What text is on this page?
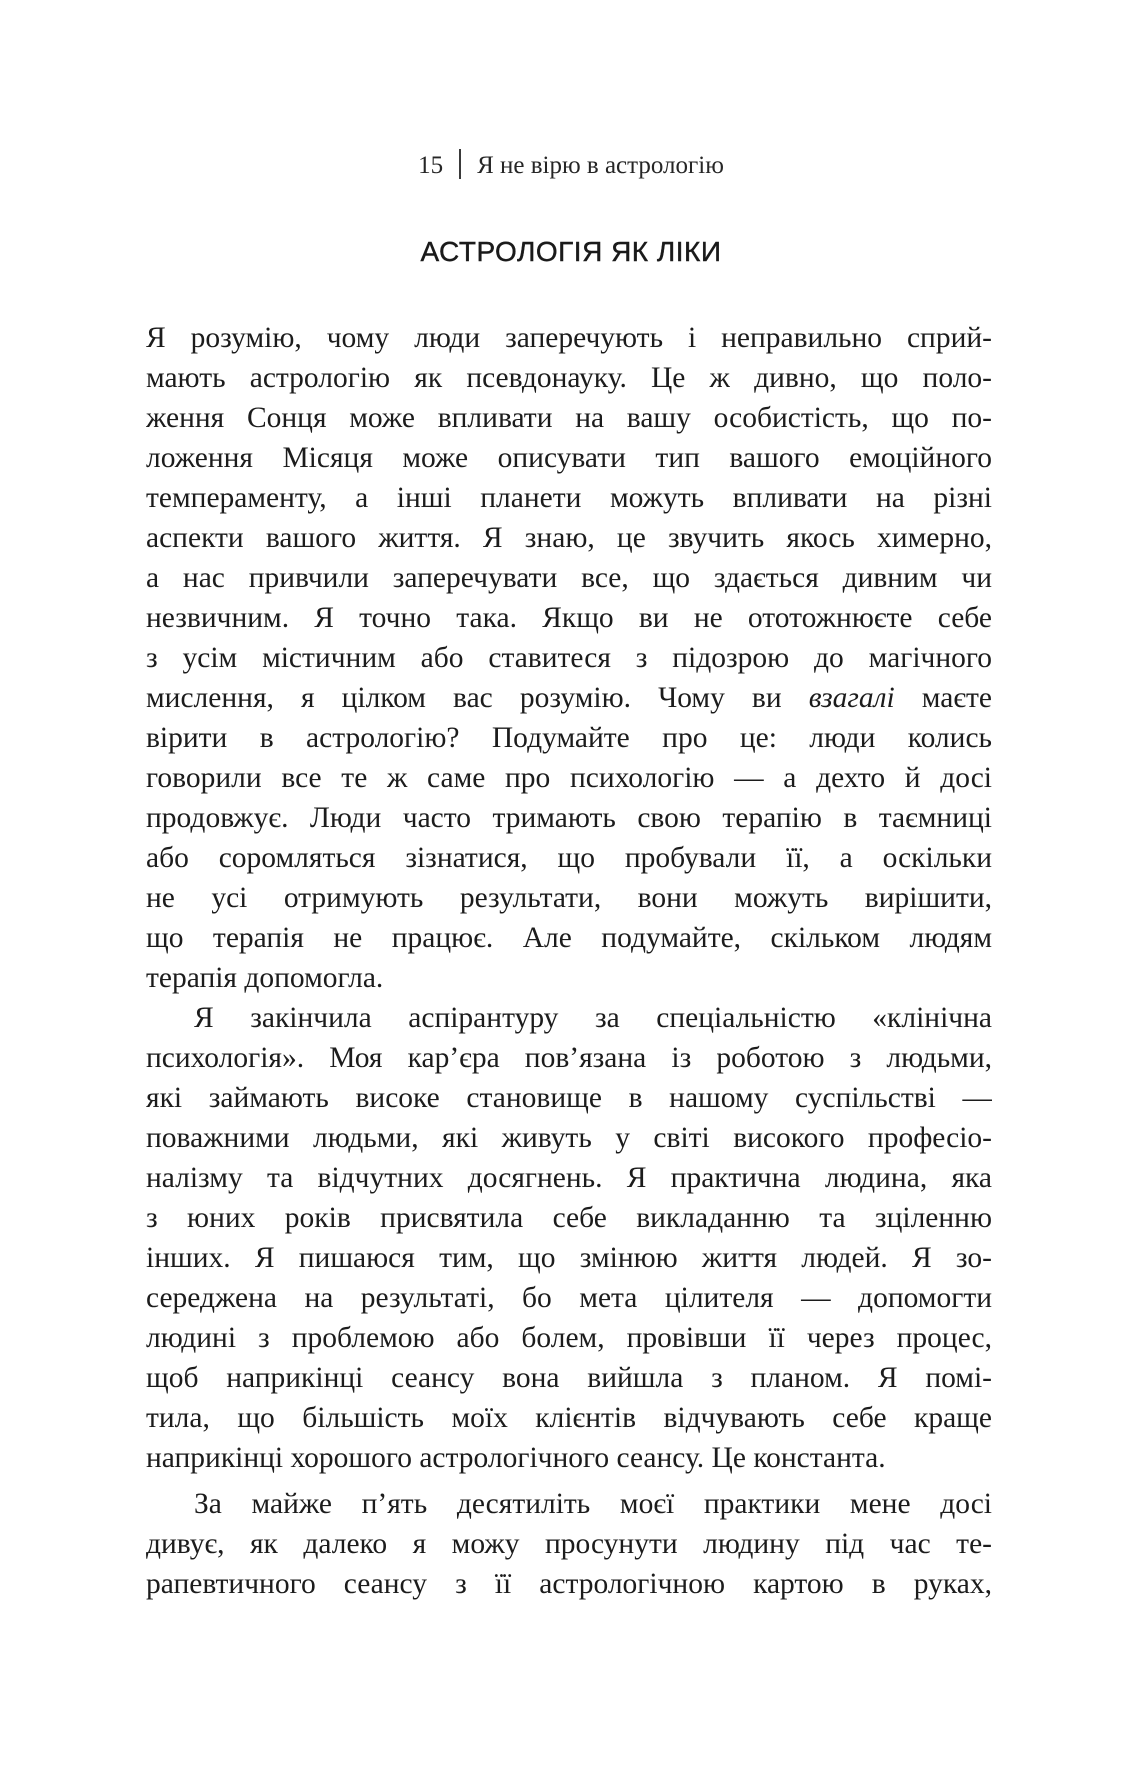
15 Я не вірю в астрологію
АСТРОЛОГІЯ ЯК ЛІКИ
Я розумію, чому люди заперечують і неправильно сприй-
мають астрологію як псевдонауку. Це ж дивно, що поло-
ження Сонця може впливати на вашу особистість, що по-
ложення Місяця може описувати тип вашого емоційного
темпераменту, а інші планети можуть впливати на різні
аспекти вашого життя. Я знаю, це звучить якось химерно,
а нас привчили заперечувати все, що здається дивним чи
незвичним. Я точно така. Якщо ви не ототожнюєте себе
з усім містичним або ставитеся з підозрою до магічного
мислення, я цілком вас розумію. Чому ви взагалі маєте
вірити в астрологію? Подумайте про це: люди колись
говорили все те ж саме про психологію — а дехто й досі
продовжує. Люди часто тримають свою терапію в таємниці
або соромляться зізнатися, що пробували її, а оскільки
не усі отримують результати, вони можуть вирішити,
що терапія не працює. Але подумайте, скільком людям
терапія допомогла.
Я закінчила аспірантуру за спеціальністю «клінічна
психологія». Моя кар’єра пов’язана із роботою з людьми,
які займають високе становище в нашому суспільстві —
поважними людьми, які живуть у світі високого професіо-
налізму та відчутних досягнень. Я практична людина, яка
з юних років присвятила себе викладанню та зціленню
інших. Я пишаюся тим, що змінюю життя людей. Я зо-
середжена на результаті, бо мета цілителя — допомогти
людині з проблемою або болем, провівши її через процес,
щоб наприкінці сеансу вона вийшла з планом. Я помі-
тила, що більшість моїх клієнтів відчувають себе краще
наприкінці хорошого астрологічного сеансу. Це константа.
За майже п’ять десятиліть моєї практики мене досі
дивує, як далеко я можу просунути людину під час те-
рапевтичного сеансу з її астрологічною картою в руках,
